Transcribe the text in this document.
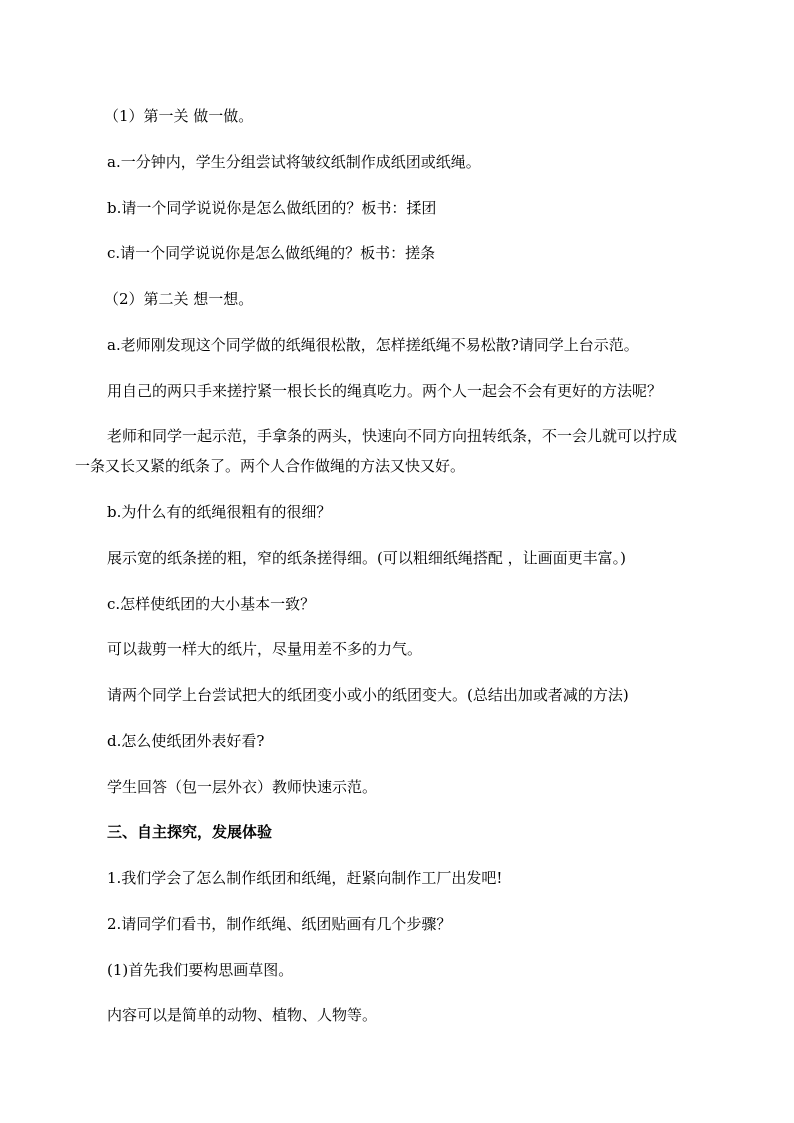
（1）第一关 做一做。
a.一分钟内，学生分组尝试将皱纹纸制作成纸团或纸绳。
b.请一个同学说说你是怎么做纸团的？板书：揉团
c.请一个同学说说你是怎么做纸绳的？板书：搓条
（2）第二关 想一想。
a.老师刚发现这个同学做的纸绳很松散，怎样搓纸绳不易松散?请同学上台示范。
用自己的两只手来搓拧紧一根长长的绳真吃力。两个人一起会不会有更好的方法呢？
老师和同学一起示范，手拿条的两头，快速向不同方向扭转纸条，不一会儿就可以拧成
一条又长又紧的纸条了。两个人合作做绳的方法又快又好。
b.为什么有的纸绳很粗有的很细？
展示宽的纸条搓的粗，窄的纸条搓得细。(可以粗细纸绳搭配 ，让画面更丰富。)
c.怎样使纸团的大小基本一致？
可以裁剪一样大的纸片，尽量用差不多的力气。
请两个同学上台尝试把大的纸团变小或小的纸团变大。(总结出加或者减的方法)
d.怎么使纸团外表好看?
学生回答（包一层外衣）教师快速示范。
三、自主探究，发展体验
1.我们学会了怎么制作纸团和纸绳，赶紧向制作工厂出发吧!
2.请同学们看书，制作纸绳、纸团贴画有几个步骤？
(1)首先我们要构思画草图。
内容可以是简单的动物、植物、人物等。
